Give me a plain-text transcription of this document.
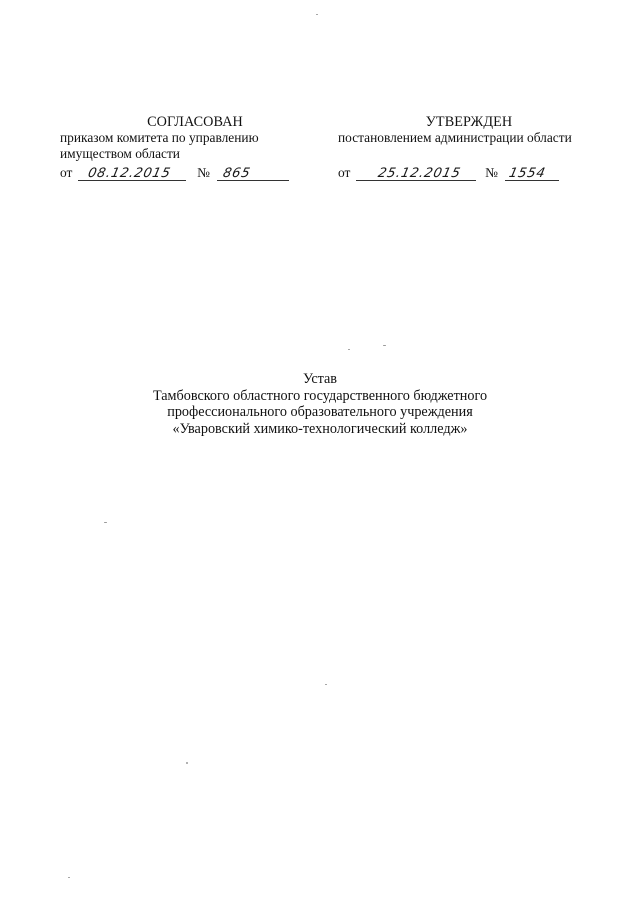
СОГЛАСОВАН
приказом комитета по управлению
имуществом области
от 08.12.2015 № 865
УТВЕРЖДЕН
постановлением администрации области
от 25.12.2015 № 1554
Устав
Тамбовского областного государственного бюджетного
профессионального образовательного учреждения
«Уваровский химико-технологический колледж»
